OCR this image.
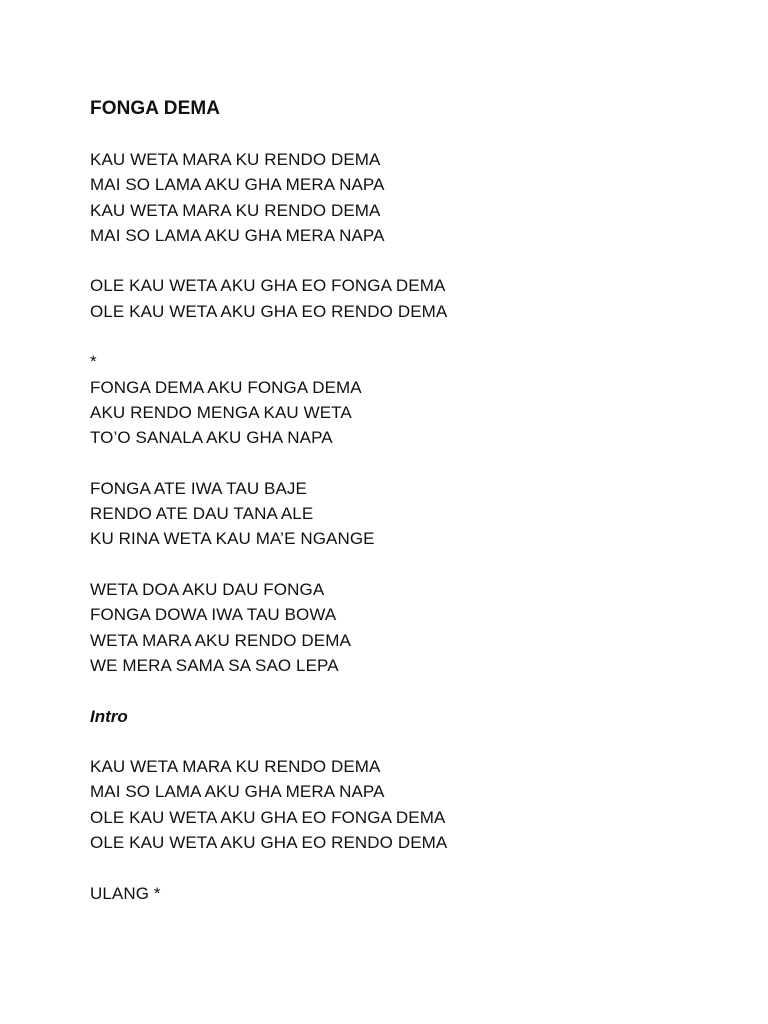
FONGA DEMA
KAU WETA MARA KU RENDO DEMA
MAI SO LAMA AKU GHA MERA NAPA
KAU WETA MARA KU RENDO DEMA
MAI SO LAMA AKU GHA MERA NAPA
OLE KAU WETA AKU GHA EO FONGA DEMA
OLE KAU WETA AKU GHA EO RENDO DEMA
*
FONGA DEMA AKU FONGA DEMA
AKU RENDO MENGA KAU WETA
TO’O SANALA AKU GHA NAPA
FONGA ATE IWA TAU BAJE
RENDO ATE DAU TANA ALE
KU RINA WETA KAU MA’E NGANGE
WETA DOA AKU DAU FONGA
FONGA DOWA IWA TAU BOWA
WETA MARA AKU RENDO DEMA
WE MERA SAMA SA SAO LEPA
Intro
KAU WETA MARA KU RENDO DEMA
MAI SO LAMA AKU GHA MERA NAPA
OLE KAU WETA AKU GHA EO FONGA DEMA
OLE KAU WETA AKU GHA EO RENDO DEMA
ULANG *
